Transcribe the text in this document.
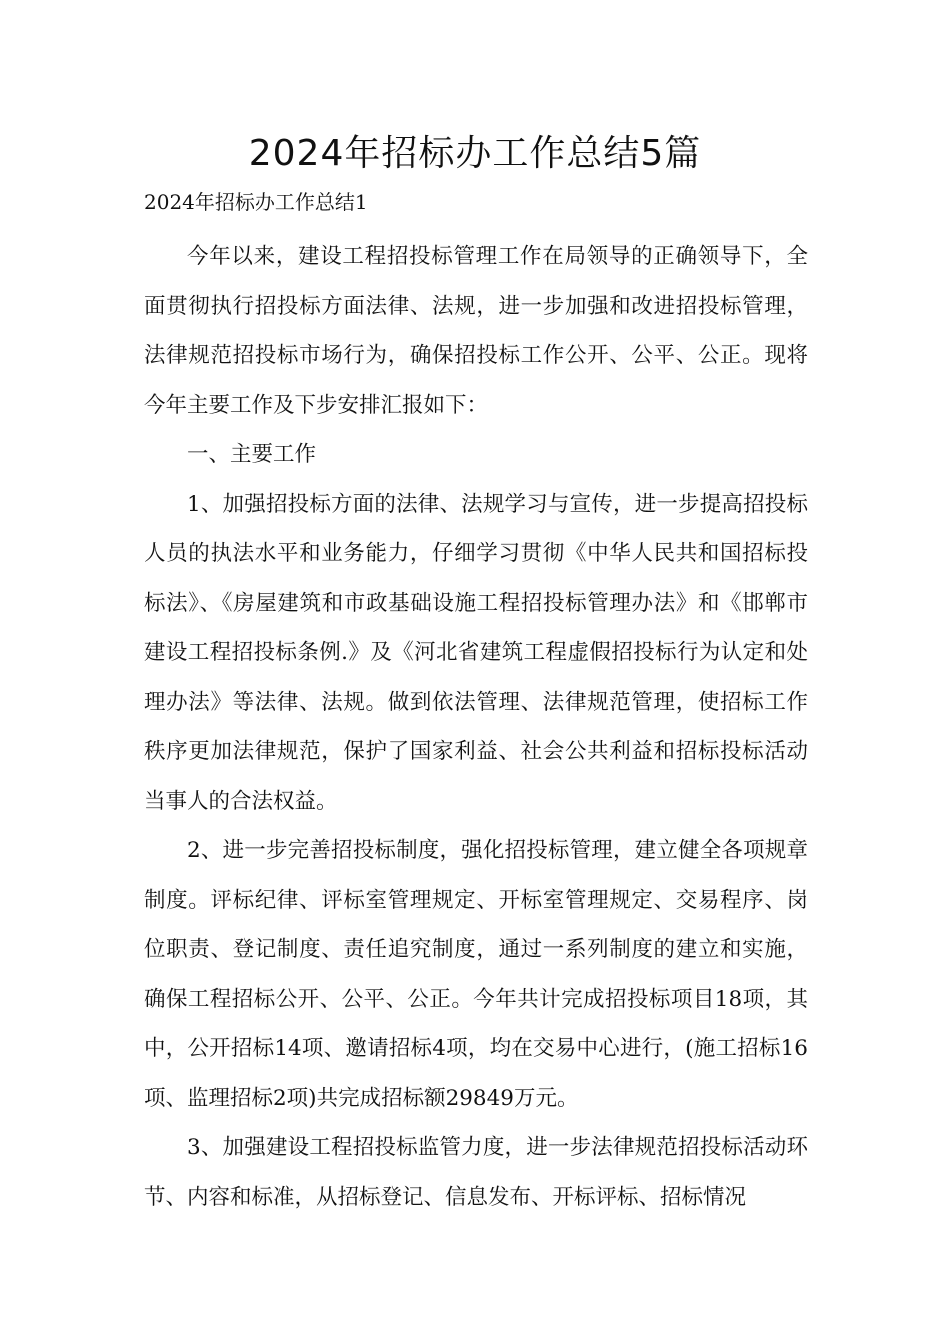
2024年招标办工作总结5篇
2024年招标办工作总结1

今年以来，建设工程招投标管理工作在局领导的正确领导下，全面贯彻执行招投标方面法律、法规，进一步加强和改进招投标管理，法律规范招投标市场行为，确保招投标工作公开、公平、公正。现将今年主要工作及下步安排汇报如下：

一、主要工作

1、加强招投标方面的法律、法规学习与宣传，进一步提高招投标人员的执法水平和业务能力，仔细学习贯彻《中华人民共和国招标投标法》、《房屋建筑和市政基础设施工程招投标管理办法》和《邯郸市建设工程招投标条例.》及《河北省建筑工程虚假招投标行为认定和处理办法》等法律、法规。做到依法管理、法律规范管理，使招标工作秩序更加法律规范，保护了国家利益、社会公共利益和招标投标活动当事人的合法权益。

2、进一步完善招投标制度，强化招投标管理，建立健全各项规章制度。评标纪律、评标室管理规定、开标室管理规定、交易程序、岗位职责、登记制度、责任追究制度，通过一系列制度的建立和实施，确保工程招标公开、公平、公正。今年共计完成招投标项目18项，其中，公开招标14项、邀请招标4项，均在交易中心进行，(施工招标16项、监理招标2项)共完成招标额29849万元。

3、加强建设工程招投标监管力度，进一步法律规范招投标活动环节、内容和标准，从招标登记、信息发布、开标评标、招标情况
